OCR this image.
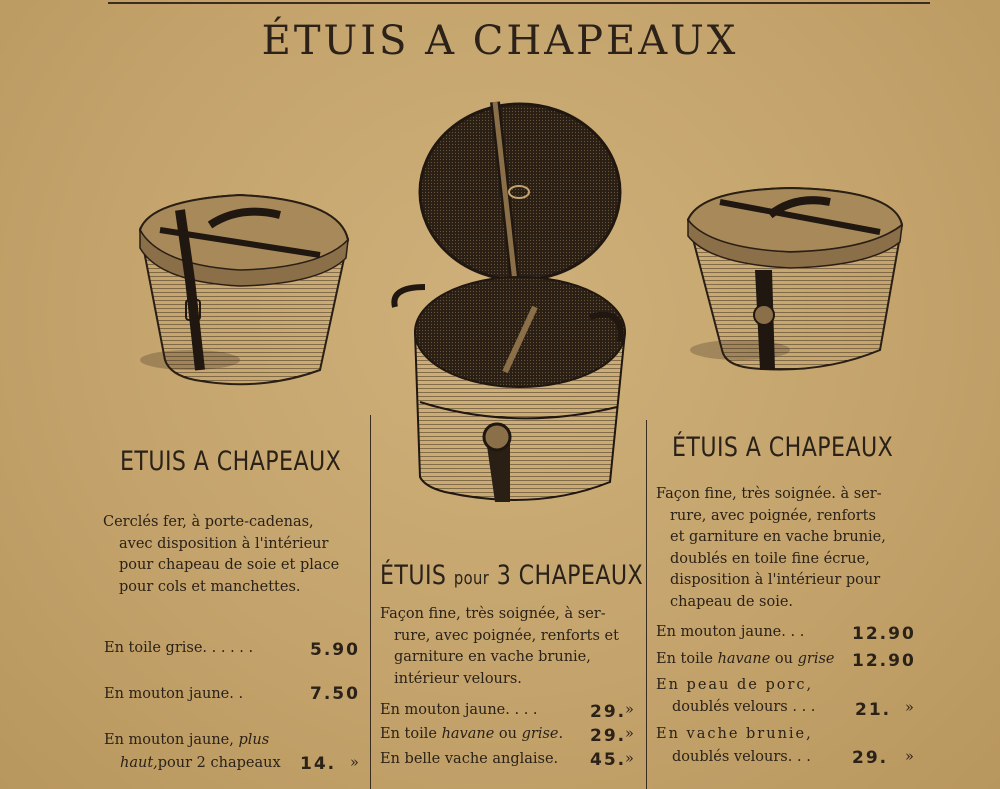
ÉTUIS A CHAPEAUX
ETUIS A CHAPEAUX
Cerclés fer, à porte-cadenas,
avec disposition à l'intérieur
pour chapeau de soie et place
pour cols et manchettes.
En toile grise. . . . . .	5.90
En mouton jaune. .	7.50
En mouton jaune, plus
haut,pour 2 chapeaux 14. »
ÉTUIS pour 3 CHAPEAUX
Façon fine, très soignée, à ser-
rure, avec poignée, renforts et
garniture en vache brunie,
intérieur velours.
En mouton jaune. . . .	29.
»
En toile havane ou grise. 29.
»
En belle vache anglaise. 45.
»
ÉTUIS A CHAPEAUX
Façon fine, très soignée. à ser-
rure, avec poignée, renforts
et garniture en vache brunie,
doublés en toile fine écrue,
disposition à l'intérieur pour
chapeau de soie.
En mouton jaune. . .	12.90
En toile havane ou grise 12.90
En peau de porc,
doublés velours . . . 21. »
En vache brunie,
doublés velours. . . 29. »
